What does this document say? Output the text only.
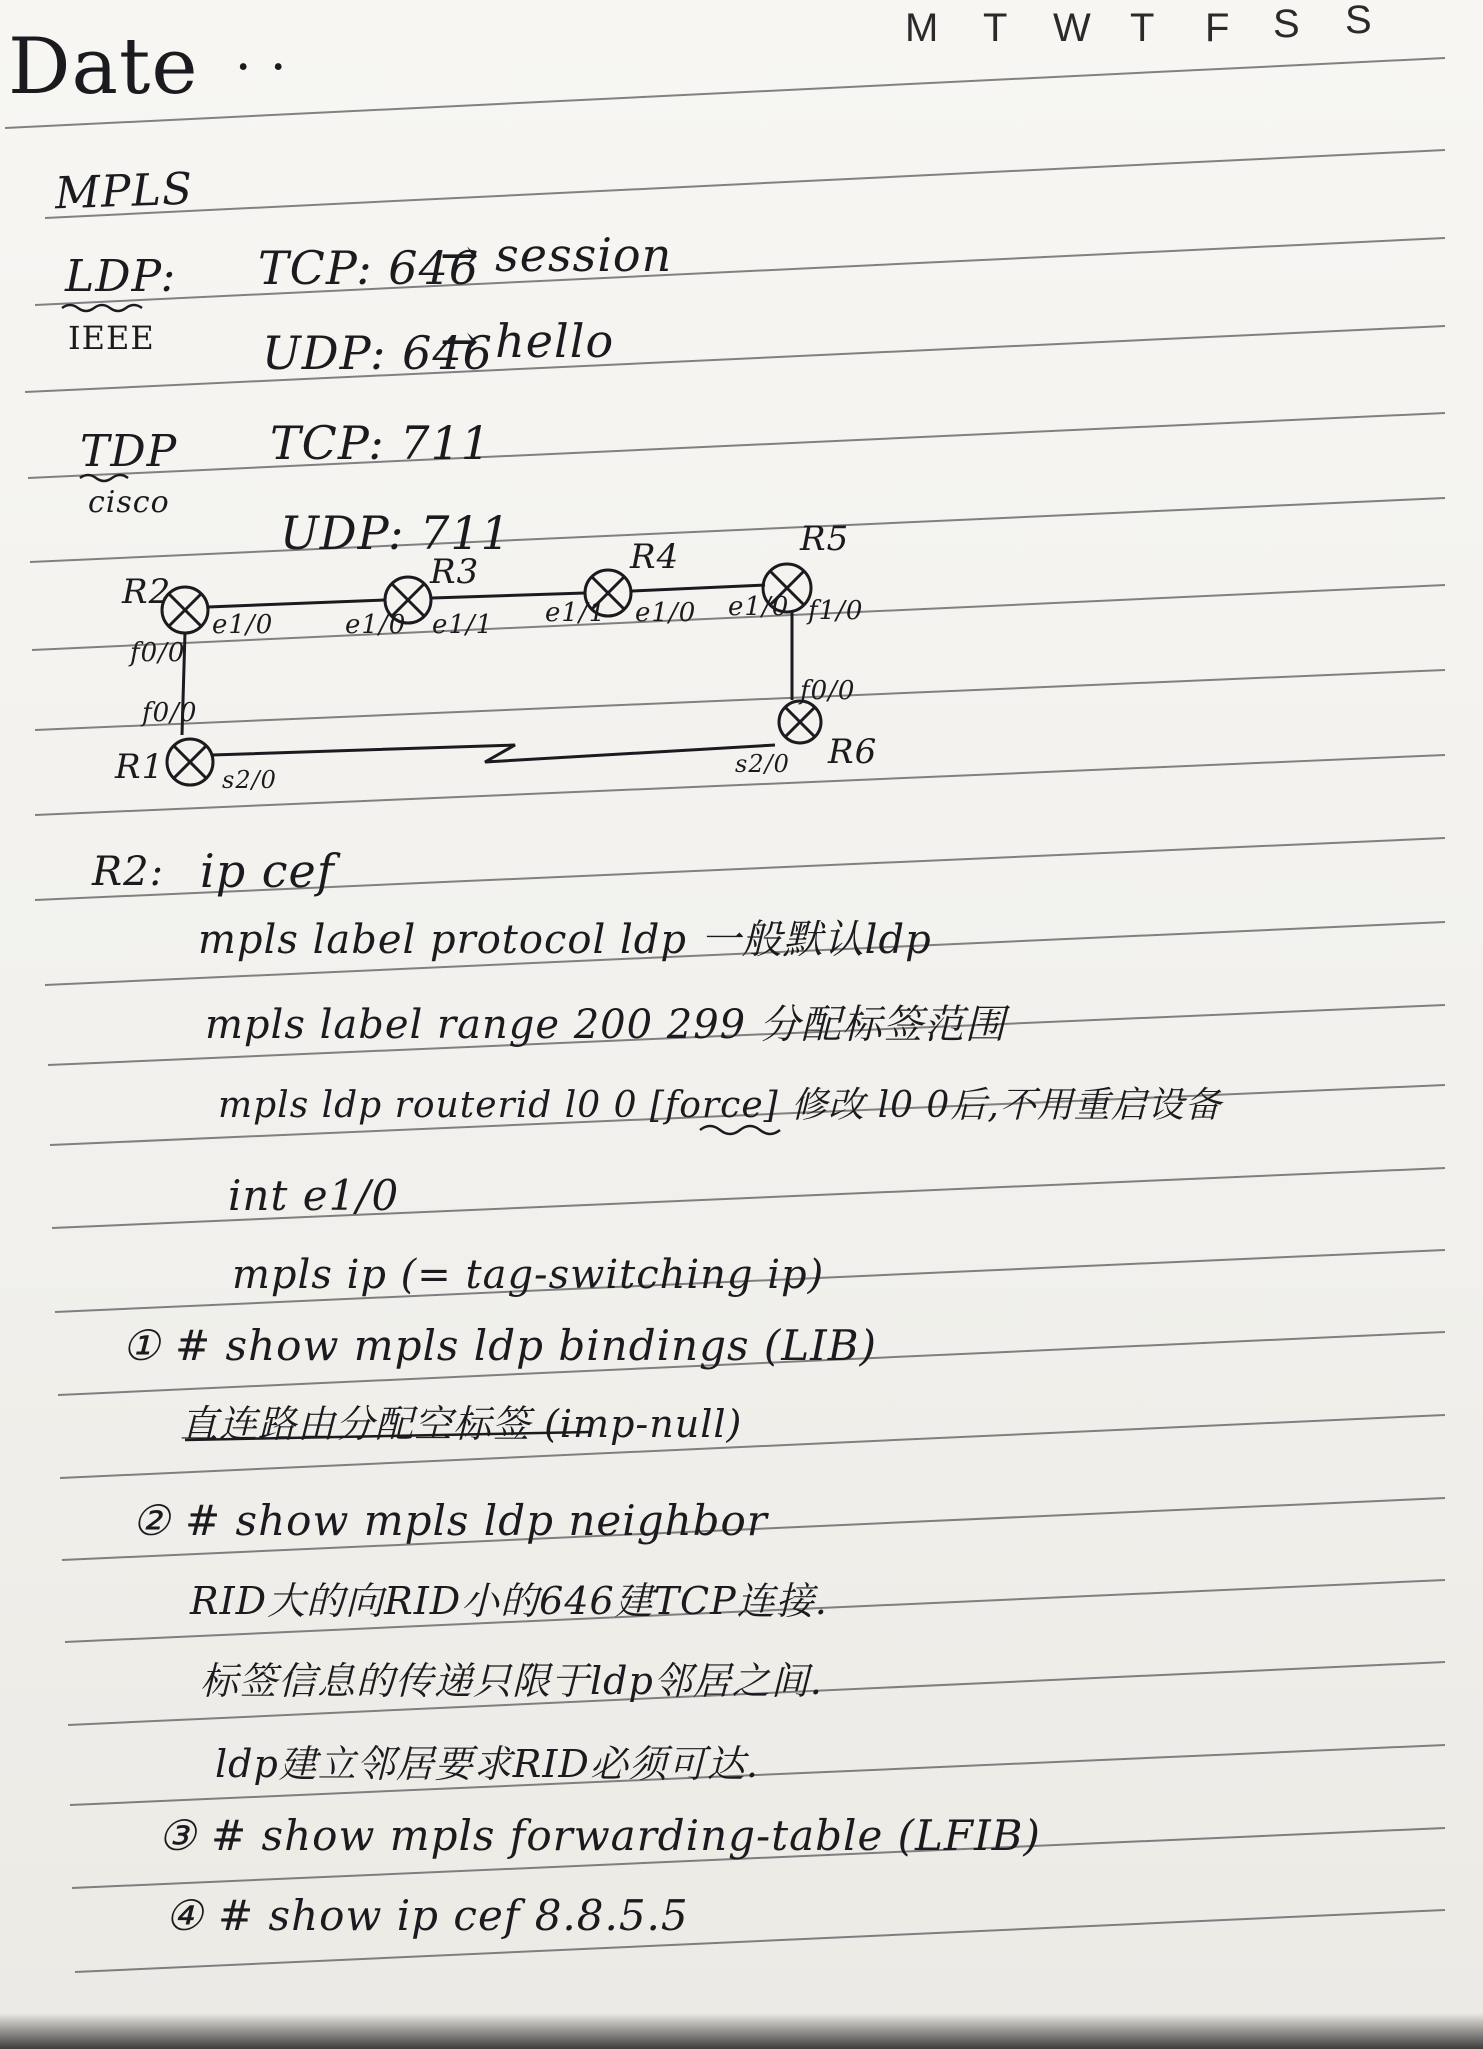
Date · ·
M T W T F S S
MPLS
LDP:
IEEE
TCP: 646
→ session
UDP: 646
→ hello
TDP
cisco
TCP: 711
UDP: 711
R2
e1/0
f0/0
R3
e1/0 e1/1
R4
e1/1 e1/0
R5
e1/0 f1/0
R6
f0/0
s2/0
R1
f0/0
s2/0
R2: ip cef
mpls label protocol ldp 一般默认ldp
mpls label range 200 299 分配标签范围
mpls ldp routerid l0 0 [force] 修改 l0 0后,不用重启设备
int e1/0
mpls ip (= tag-switching ip)
① # show mpls ldp bindings (LIB)
直连路由分配空标签 (imp-null)
② # show mpls ldp neighbor
RID大的向RID小的646建TCP连接.
标签信息的传递只限于ldp邻居之间.
ldp建立邻居要求RID必须可达.
③ # show mpls forwarding-table (LFIB)
④ # show ip cef 8.8.5.5
